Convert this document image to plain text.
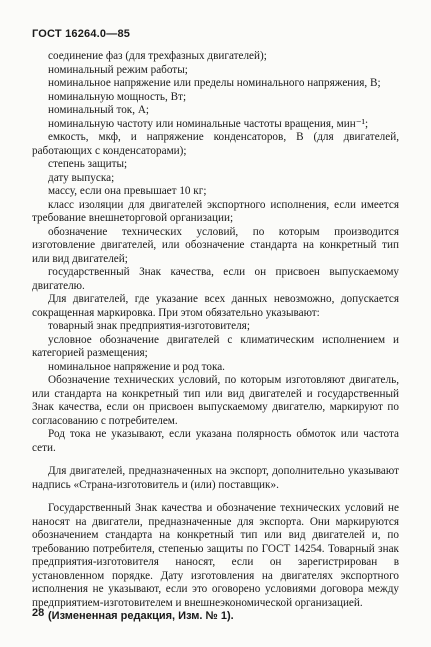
ГОСТ 16264.0—85

соединение фаз (для трехфазных двигателей);

номинальный режим работы;

номинальное напряжение или пределы номинального напряжения, В;

номинальную мощность, Вт;

номинальный ток, А;

номинальную частоту или номинальные частоты вращения, мин⁻¹;

емкость, мкф, и напряжение конденсаторов, В (для двигателей, работающих с конденсаторами);

степень защиты;

дату выпуска;

массу, если она превышает 10 кг;

класс изоляции для двигателей экспортного исполнения, если имеется требование внешнеторговой организации;

обозначение технических условий, по которым производится изготовление двигателей, или обозначение стандарта на конкретный тип или вид двигателей;

государственный Знак качества, если он присвоен выпускаемому двигателю.

Для двигателей, где указание всех данных невозможно, допускается сокращенная маркировка. При этом обязательно указывают:

товарный знак предприятия-изготовителя;

условное обозначение двигателей с климатическим исполнением и категорией размещения;

номинальное напряжение и род тока.

Обозначение технических условий, по которым изготовляют двигатель, или стандарта на конкретный тип или вид двигателей и государственный Знак качества, если он присвоен выпускаемому двигателю, маркируют по согласованию с потребителем.

Род тока не указывают, если указана полярность обмоток или частота сети.

Для двигателей, предназначенных на экспорт, дополнительно указывают надпись «Страна-изготовитель и (или) поставщик».

Государственный Знак качества и обозначение технических условий не наносят на двигатели, предназначенные для экспорта. Они маркируются обозначением стандарта на конкретный тип или вид двигателей и, по требованию потребителя, степенью защиты по ГОСТ 14254. Товарный знак предприятия-изготовителя наносят, если он зарегистрирован в установленном порядке. Дату изготовления на двигателях экспортного исполнения не указывают, если это оговорено условиями договора между предприятием-изготовителем и внешнеэкономической организацией.

(Измененная редакция, Изм. № 1).

28
